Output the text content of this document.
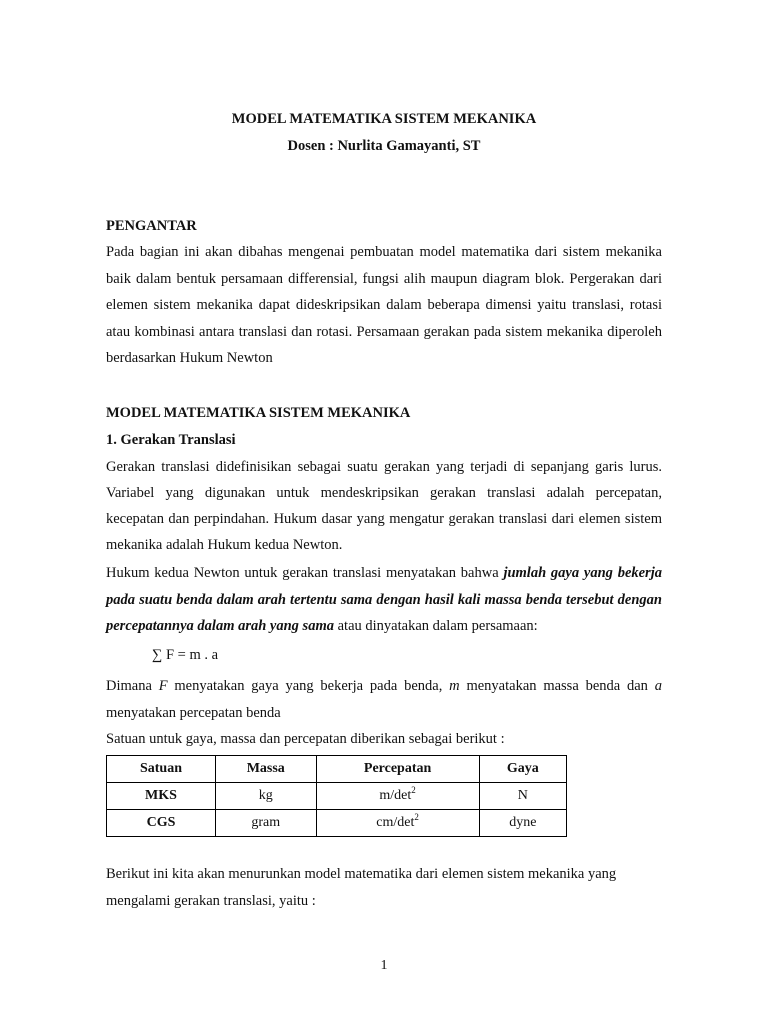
MODEL MATEMATIKA SISTEM MEKANIKA
Dosen : Nurlita Gamayanti, ST
PENGANTAR
Pada bagian ini akan dibahas mengenai pembuatan model matematika dari sistem mekanika baik dalam bentuk persamaan differensial, fungsi alih maupun diagram blok. Pergerakan dari elemen sistem mekanika dapat dideskripsikan dalam beberapa dimensi yaitu translasi, rotasi atau kombinasi antara translasi dan rotasi. Persamaan gerakan pada sistem mekanika diperoleh berdasarkan Hukum Newton
MODEL MATEMATIKA SISTEM MEKANIKA
1. Gerakan Translasi
Gerakan translasi didefinisikan sebagai suatu gerakan yang terjadi di sepanjang garis lurus. Variabel yang digunakan untuk mendeskripsikan gerakan translasi adalah percepatan, kecepatan dan perpindahan. Hukum dasar yang mengatur gerakan translasi dari elemen sistem mekanika adalah Hukum kedua Newton.
Hukum kedua Newton untuk gerakan translasi menyatakan bahwa jumlah gaya yang bekerja pada suatu benda dalam arah tertentu sama dengan hasil kali massa benda tersebut dengan percepatannya dalam arah yang sama atau dinyatakan dalam persamaan:
∑ F = m . a
Dimana F menyatakan gaya yang bekerja pada benda, m menyatakan massa benda dan a menyatakan percepatan benda
Satuan untuk gaya, massa dan percepatan diberikan sebagai berikut :
Satuan	Massa	Percepatan	Gaya
MKS	kg	$m/\det^2$	N
CGS	gram	$cm/\det^2$	dyne
Berikut ini kita akan menurunkan model matematika dari elemen sistem mekanika yang mengalami gerakan translasi, yaitu :
1
